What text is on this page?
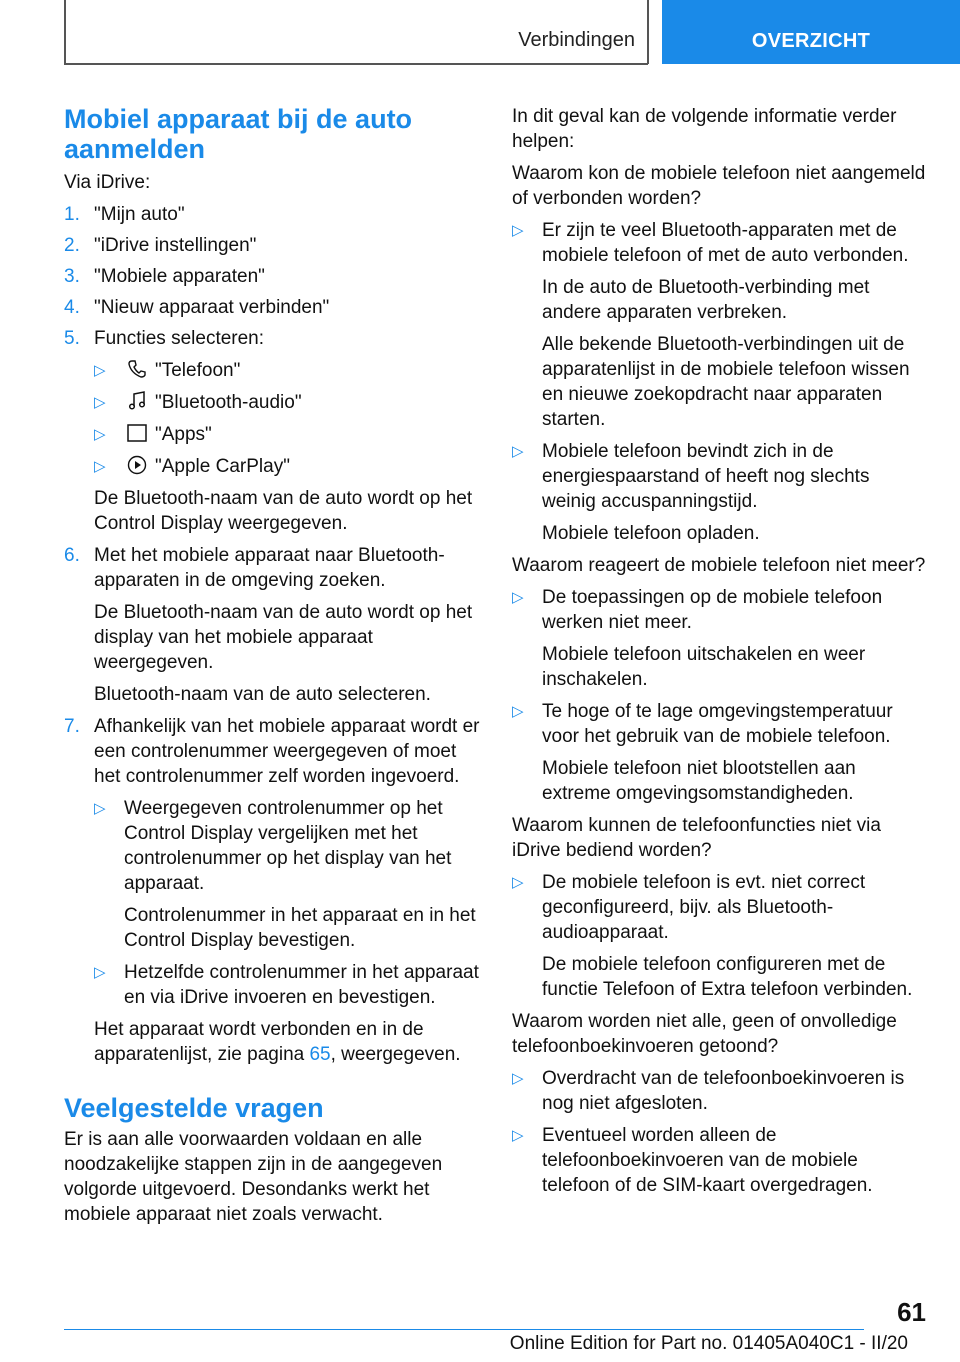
Verbindingen	OVERZICHT
Mobiel apparaat bij de auto aanmelden

Via iDrive:

1. "Mijn auto"
2. "iDrive instellingen"
3. "Mobiele apparaten"
4. "Nieuw apparaat verbinden"
5. Functies selecteren:
▷	"Telefoon"
▷	"Bluetooth-audio"
▷	"Apps"
▷	"Apple CarPlay"

De Bluetooth-naam van de auto wordt op het Control Display weergegeven.

6. Met het mobiele apparaat naar Bluetooth-apparaten in de omgeving zoeken.

De Bluetooth-naam van de auto wordt op het display van het mobiele apparaat weergegeven.

Bluetooth-naam van de auto selecteren.

7. Afhankelijk van het mobiele apparaat wordt er een controlenummer weergegeven of moet het controlenummer zelf worden ingevoerd.
▷ Weergegeven controlenummer op het Control Display vergelijken met het controlenummer op het display van het apparaat.

Controlenummer in het apparaat en in het Control Display bevestigen.

▷ Hetzelfde controlenummer in het apparaat en via iDrive invoeren en bevestigen.

Het apparaat wordt verbonden en in de apparatenlijst, zie pagina 65, weergegeven.

Veelgestelde vragen

Er is aan alle voorwaarden voldaan en alle noodzakelijke stappen zijn in de aangegeven volgorde uitgevoerd. Desondanks werkt het mobiele apparaat niet zoals verwacht.

In dit geval kan de volgende informatie verder helpen:

Waarom kon de mobiele telefoon niet aangemeld of verbonden worden?

▷ Er zijn te veel Bluetooth-apparaten met de mobiele telefoon of met de auto verbonden.

In de auto de Bluetooth-verbinding met andere apparaten verbreken.

Alle bekende Bluetooth-verbindingen uit de apparatenlijst in de mobiele telefoon wissen en nieuwe zoekopdracht naar apparaten starten.

▷ Mobiele telefoon bevindt zich in de energiespaarstand of heeft nog slechts weinig accuspanningstijd.

Mobiele telefoon opladen.

Waarom reageert de mobiele telefoon niet meer?

▷ De toepassingen op de mobiele telefoon werken niet meer.

Mobiele telefoon uitschakelen en weer inschakelen.

▷ Te hoge of te lage omgevingstemperatuur voor het gebruik van de mobiele telefoon.

Mobiele telefoon niet blootstellen aan extreme omgevingsomstandigheden.

Waarom kunnen de telefoonfuncties niet via iDrive bediend worden?

▷ De mobiele telefoon is evt. niet correct geconfigureerd, bijv. als Bluetooth-audioapparaat.

De mobiele telefoon configureren met de functie Telefoon of Extra telefoon verbinden.

Waarom worden niet alle, geen of onvolledige telefoonboekinvoeren getoond?

▷ Overdracht van de telefoonboekinvoeren is nog niet afgesloten.
▷ Eventueel worden alleen de telefoonboekinvoeren van de mobiele telefoon of de SIM-kaart overgedragen.
61
Online Edition for Part no. 01405A040C1 - II/20
